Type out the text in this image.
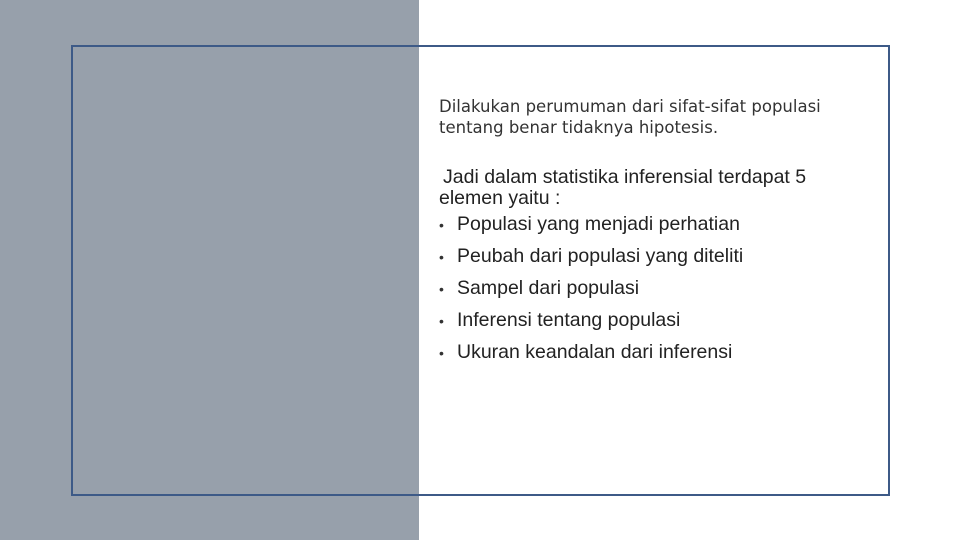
Dilakukan perumuman dari sifat-sifat populasi
tentang benar tidaknya hipotesis.

Jadi dalam statistika inferensial terdapat 5
elemen yaitu :

• Populasi yang menjadi perhatian
• Peubah dari populasi yang diteliti
• Sampel dari populasi
• Inferensi tentang populasi
• Ukuran keandalan dari inferensi
